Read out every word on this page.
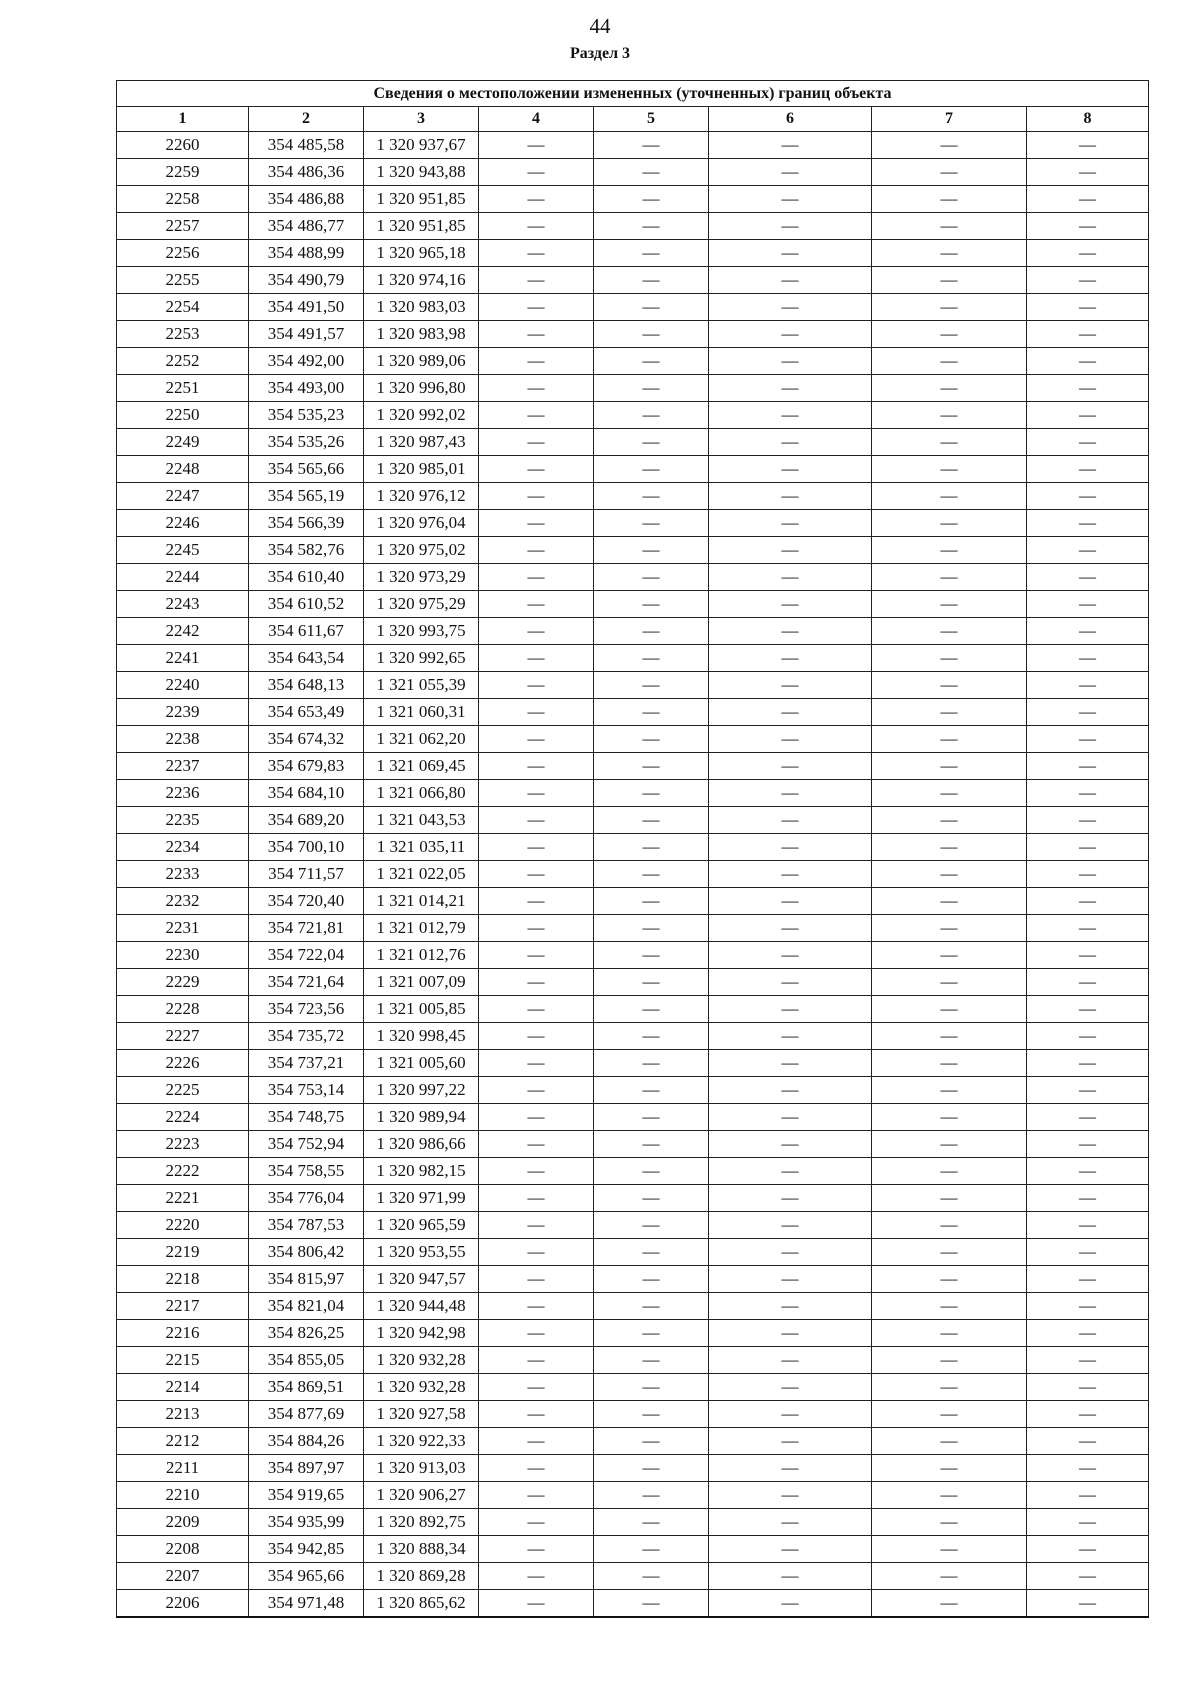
44
Раздел 3
Сведения о местоположении измененных (уточненных) границ объекта							
1	2	3	4	5	6	7	8
2260	354 485,58	1 320 937,67	—	—	—	—	—
2259	354 486,36	1 320 943,88	—	—	—	—	—
2258	354 486,88	1 320 951,85	—	—	—	—	—
2257	354 486,77	1 320 951,85	—	—	—	—	—
2256	354 488,99	1 320 965,18	—	—	—	—	—
2255	354 490,79	1 320 974,16	—	—	—	—	—
2254	354 491,50	1 320 983,03	—	—	—	—	—
2253	354 491,57	1 320 983,98	—	—	—	—	—
2252	354 492,00	1 320 989,06	—	—	—	—	—
2251	354 493,00	1 320 996,80	—	—	—	—	—
2250	354 535,23	1 320 992,02	—	—	—	—	—
2249	354 535,26	1 320 987,43	—	—	—	—	—
2248	354 565,66	1 320 985,01	—	—	—	—	—
2247	354 565,19	1 320 976,12	—	—	—	—	—
2246	354 566,39	1 320 976,04	—	—	—	—	—
2245	354 582,76	1 320 975,02	—	—	—	—	—
2244	354 610,40	1 320 973,29	—	—	—	—	—
2243	354 610,52	1 320 975,29	—	—	—	—	—
2242	354 611,67	1 320 993,75	—	—	—	—	—
2241	354 643,54	1 320 992,65	—	—	—	—	—
2240	354 648,13	1 321 055,39	—	—	—	—	—
2239	354 653,49	1 321 060,31	—	—	—	—	—
2238	354 674,32	1 321 062,20	—	—	—	—	—
2237	354 679,83	1 321 069,45	—	—	—	—	—
2236	354 684,10	1 321 066,80	—	—	—	—	—
2235	354 689,20	1 321 043,53	—	—	—	—	—
2234	354 700,10	1 321 035,11	—	—	—	—	—
2233	354 711,57	1 321 022,05	—	—	—	—	—
2232	354 720,40	1 321 014,21	—	—	—	—	—
2231	354 721,81	1 321 012,79	—	—	—	—	—
2230	354 722,04	1 321 012,76	—	—	—	—	—
2229	354 721,64	1 321 007,09	—	—	—	—	—
2228	354 723,56	1 321 005,85	—	—	—	—	—
2227	354 735,72	1 320 998,45	—	—	—	—	—
2226	354 737,21	1 321 005,60	—	—	—	—	—
2225	354 753,14	1 320 997,22	—	—	—	—	—
2224	354 748,75	1 320 989,94	—	—	—	—	—
2223	354 752,94	1 320 986,66	—	—	—	—	—
2222	354 758,55	1 320 982,15	—	—	—	—	—
2221	354 776,04	1 320 971,99	—	—	—	—	—
2220	354 787,53	1 320 965,59	—	—	—	—	—
2219	354 806,42	1 320 953,55	—	—	—	—	—
2218	354 815,97	1 320 947,57	—	—	—	—	—
2217	354 821,04	1 320 944,48	—	—	—	—	—
2216	354 826,25	1 320 942,98	—	—	—	—	—
2215	354 855,05	1 320 932,28	—	—	—	—	—
2214	354 869,51	1 320 932,28	—	—	—	—	—
2213	354 877,69	1 320 927,58	—	—	—	—	—
2212	354 884,26	1 320 922,33	—	—	—	—	—
2211	354 897,97	1 320 913,03	—	—	—	—	—
2210	354 919,65	1 320 906,27	—	—	—	—	—
2209	354 935,99	1 320 892,75	—	—	—	—	—
2208	354 942,85	1 320 888,34	—	—	—	—	—
2207	354 965,66	1 320 869,28	—	—	—	—	—
2206	354 971,48	1 320 865,62	—	—	—	—	—
